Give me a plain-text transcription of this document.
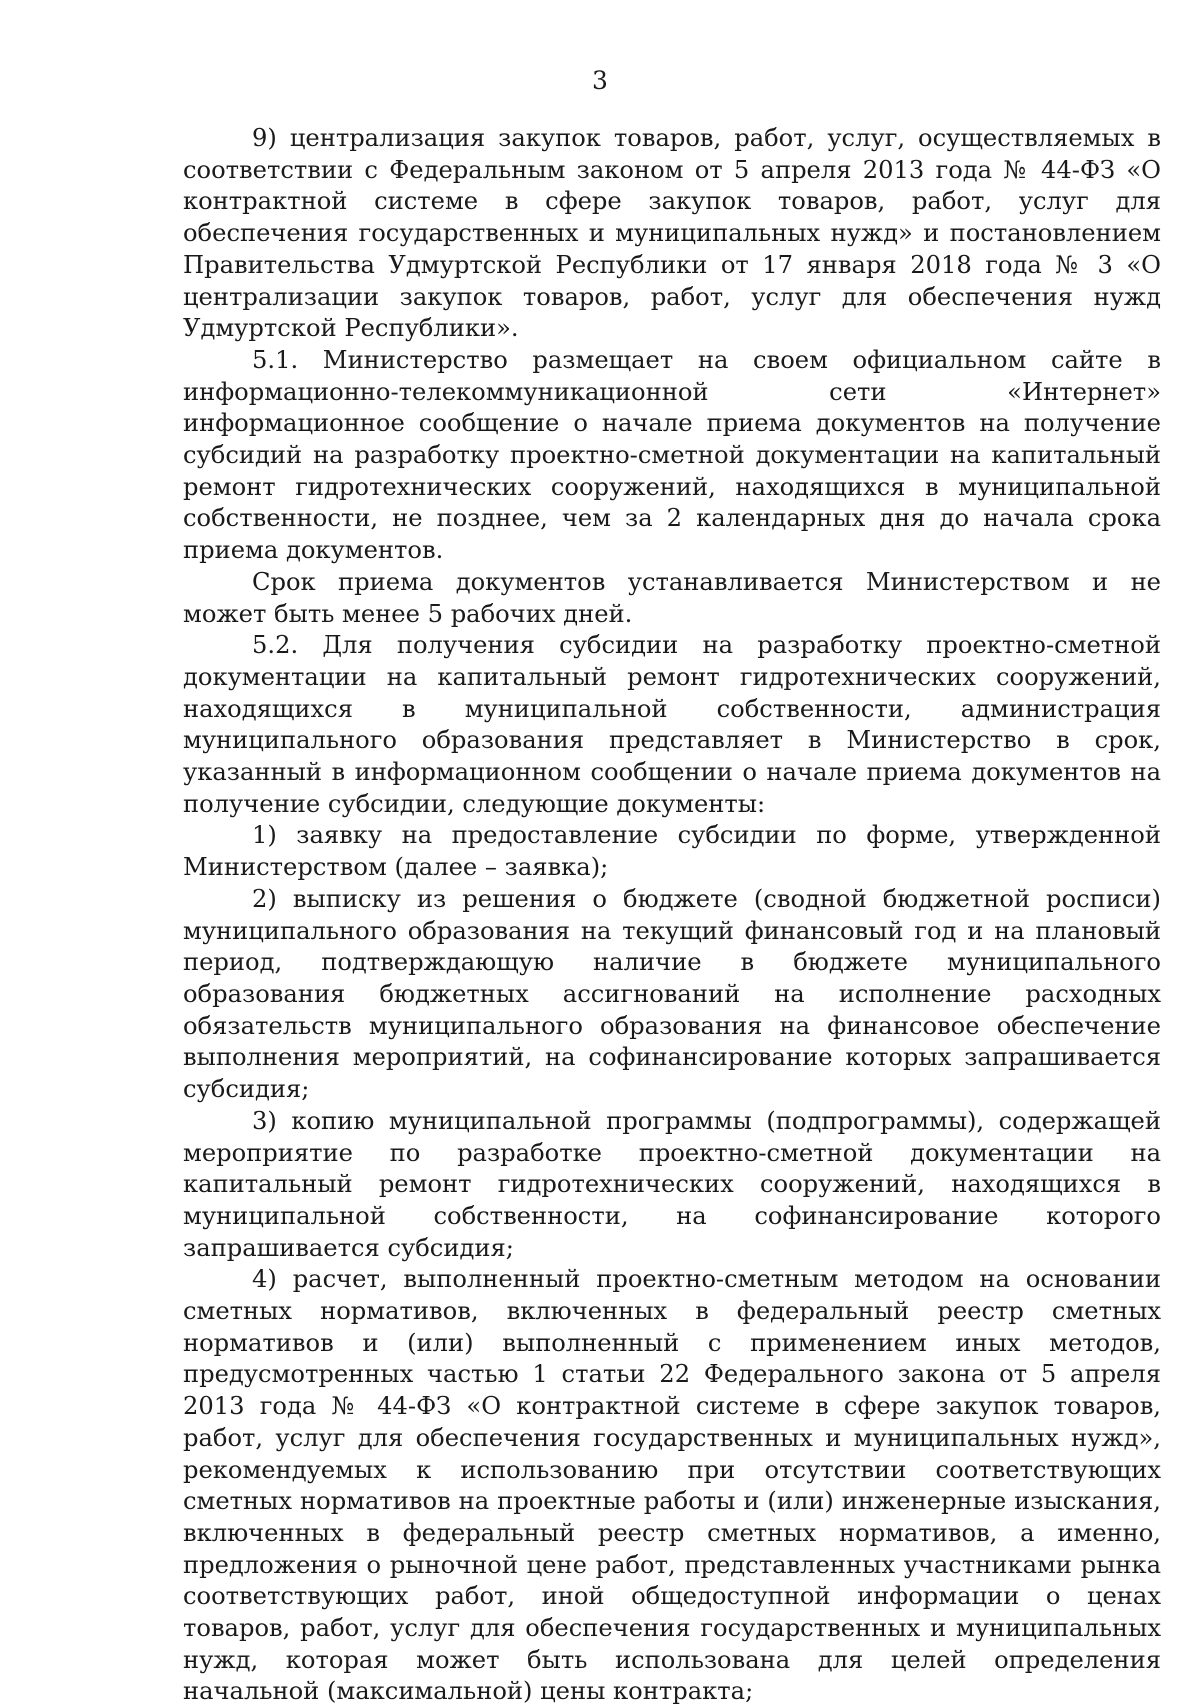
3

9) централизация закупок товаров, работ, услуг, осуществляемых в соответствии с Федеральным законом от 5 апреля 2013 года № 44-ФЗ «О контрактной системе в сфере закупок товаров, работ, услуг для обеспечения государственных и муниципальных нужд» и постановлением Правительства Удмуртской Республики от 17 января 2018 года № 3 «О централизации закупок товаров, работ, услуг для обеспечения нужд Удмуртской Республики».

5.1. Министерство размещает на своем официальном сайте в информационно-телекоммуникационной сети «Интернет» информационное сообщение о начале приема документов на получение субсидий на разработку проектно-сметной документации на капитальный ремонт гидротехнических сооружений, находящихся в муниципальной собственности, не позднее, чем за 2 календарных дня до начала срока приема документов.

Срок приема документов устанавливается Министерством и не может быть менее 5 рабочих дней.

5.2. Для получения субсидии на разработку проектно-сметной документации на капитальный ремонт гидротехнических сооружений, находящихся в муниципальной собственности, администрация муниципального образования представляет в Министерство в срок, указанный в информационном сообщении о начале приема документов на получение субсидии, следующие документы:

1) заявку на предоставление субсидии по форме, утвержденной Министерством (далее – заявка);

2) выписку из решения о бюджете (сводной бюджетной росписи) муниципального образования на текущий финансовый год и на плановый период, подтверждающую наличие в бюджете муниципального образования бюджетных ассигнований на исполнение расходных обязательств муниципального образования на финансовое обеспечение выполнения мероприятий, на софинансирование которых запрашивается субсидия;

3) копию муниципальной программы (подпрограммы), содержащей мероприятие по разработке проектно-сметной документации на капитальный ремонт гидротехнических сооружений, находящихся в муниципальной собственности, на софинансирование которого запрашивается субсидия;

4) расчет, выполненный проектно-сметным методом на основании сметных нормативов, включенных в федеральный реестр сметных нормативов и (или) выполненный с применением иных методов, предусмотренных частью 1 статьи 22 Федерального закона от 5 апреля 2013 года № 44-ФЗ «О контрактной системе в сфере закупок товаров, работ, услуг для обеспечения государственных и муниципальных нужд», рекомендуемых к использованию при отсутствии соответствующих сметных нормативов на проектные работы и (или) инженерные изыскания, включенных в федеральный реестр сметных нормативов, а именно, предложения о рыночной цене работ, представленных участниками рынка соответствующих работ, иной общедоступной информации о ценах товаров, работ, услуг для обеспечения государственных и муниципальных нужд, которая может быть использована для целей определения начальной (максимальной) цены контракта;
